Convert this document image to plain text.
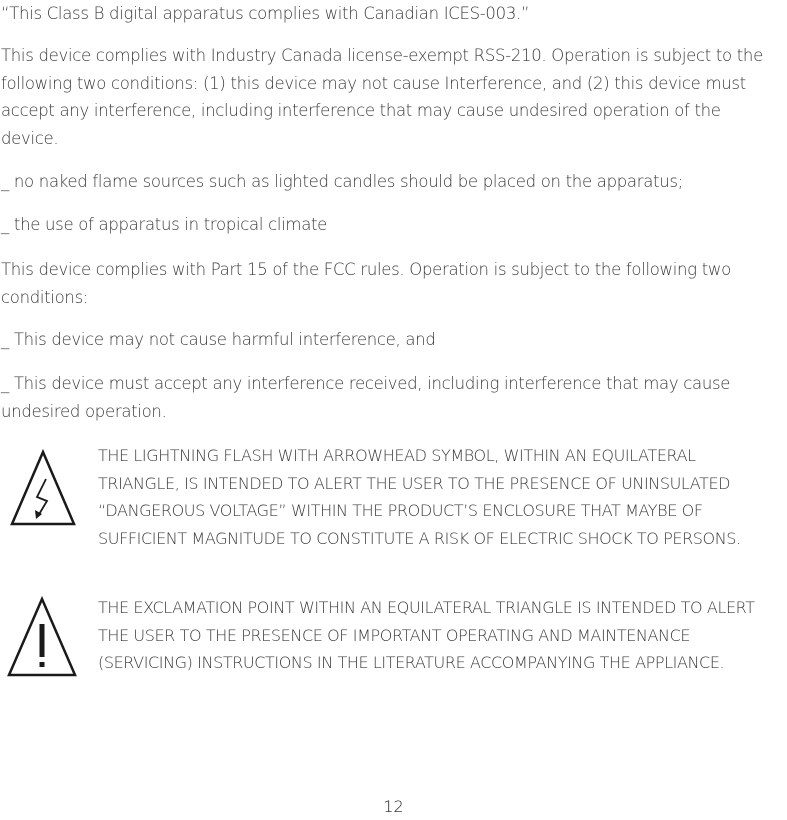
“This Class B digital apparatus complies with Canadian ICES-003.”

This device complies with Industry Canada license-exempt RSS-210. Operation is subject to the following two conditions: (1) this device may not cause Interference, and (2) this device must accept any interference, including interference that may cause undesired operation of the device.

_ no naked flame sources such as lighted candles should be placed on the apparatus;

_ the use of apparatus in tropical climate

This device complies with Part 15 of the FCC rules. Operation is subject to the following two conditions:

_ This device may not cause harmful interference, and

_ This device must accept any interference received, including interference that may cause undesired operation.

THE LIGHTNING FLASH WITH ARROWHEAD SYMBOL, WITHIN AN EQUILATERAL TRIANGLE, IS INTENDED TO ALERT THE USER TO THE PRESENCE OF UNINSULATED “DANGEROUS VOLTAGE” WITHIN THE PRODUCT’S ENCLOSURE THAT MAYBE OF SUFFICIENT MAGNITUDE TO CONSTITUTE A RISK OF ELECTRIC SHOCK TO PERSONS.

THE EXCLAMATION POINT WITHIN AN EQUILATERAL TRIANGLE IS INTENDED TO ALERT THE USER TO THE PRESENCE OF IMPORTANT OPERATING AND MAINTENANCE (SERVICING) INSTRUCTIONS IN THE LITERATURE ACCOMPANYING THE APPLIANCE.

12
